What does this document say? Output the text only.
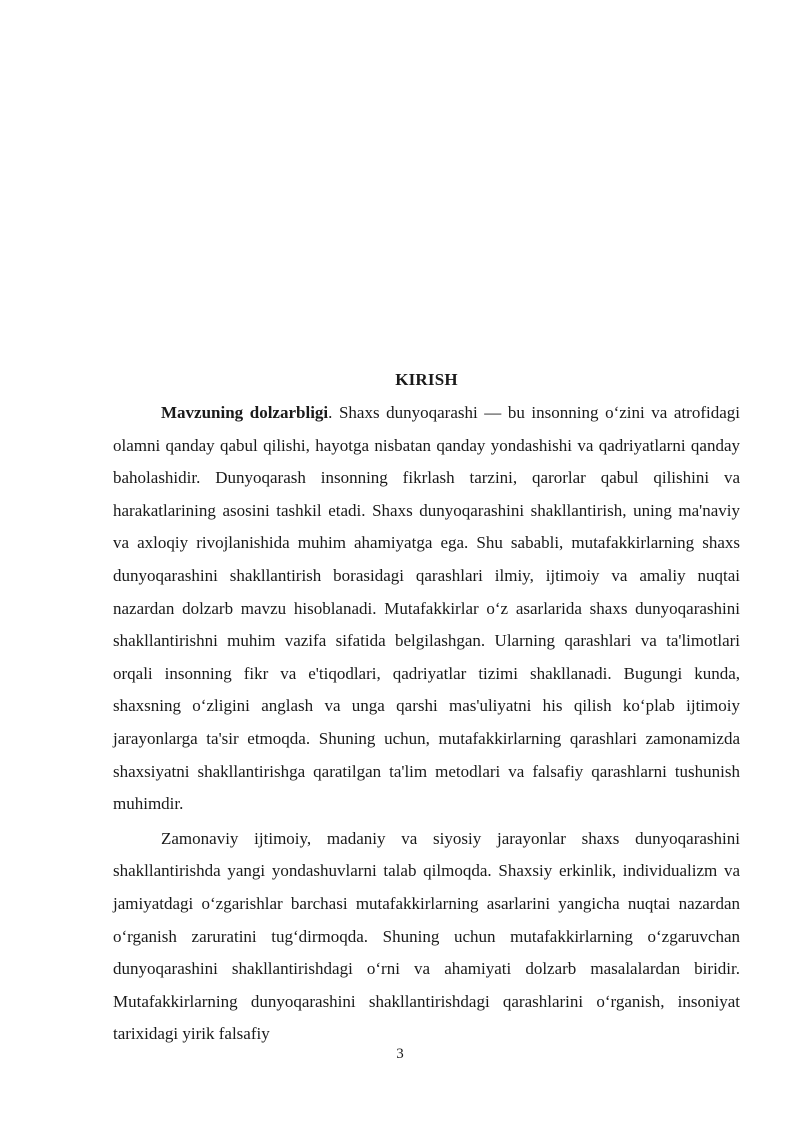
KIRISH

Mavzuning dolzarbligi. Shaxs dunyoqarashi — bu insonning o‘zini va atrofidagi olamni qanday qabul qilishi, hayotga nisbatan qanday yondashishi va qadriyatlarni qanday baholashidir. Dunyoqarash insonning fikrlash tarzini, qarorlar qabul qilishini va harakatlarining asosini tashkil etadi. Shaxs dunyoqarashini shakllantirish, uning ma'naviy va axloqiy rivojlanishida muhim ahamiyatga ega. Shu sababli, mutafakkirlarning shaxs dunyoqarashini shakllantirish borasidagi qarashlari ilmiy, ijtimoiy va amaliy nuqtai nazardan dolzarb mavzu hisoblanadi. Mutafakkirlar o‘z asarlarida shaxs dunyoqarashini shakllantirishni muhim vazifa sifatida belgilashgan. Ularning qarashlari va ta'limotlari orqali insonning fikr va e'tiqodlari, qadriyatlar tizimi shakllanadi. Bugungi kunda, shaxsning o‘zligini anglash va unga qarshi mas'uliyatni his qilish ko‘plab ijtimoiy jarayonlarga ta'sir etmoqda. Shuning uchun, mutafakkirlarning qarashlari zamonamizda shaxsiyatni shakllantirishga qaratilgan ta'lim metodlari va falsafiy qarashlarni tushunish muhimdir.

Zamonaviy ijtimoiy, madaniy va siyosiy jarayonlar shaxs dunyoqarashini shakllantirishda yangi yondashuvlarni talab qilmoqda. Shaxsiy erkinlik, individualizm va jamiyatdagi o‘zgarishlar barchasi mutafakkirlarning asarlarini yangicha nuqtai nazardan o‘rganish zaruratini tug‘dirmoqda. Shuning uchun mutafakkirlarning o‘zgaruvchan dunyoqarashini shakllantirishdagi o‘rni va ahamiyati dolzarb masalalardan biridir. Mutafakkirlarning dunyoqarashini shakllantirishdagi qarashlarini o‘rganish, insoniyat tarixidagi yirik falsafiy

3
